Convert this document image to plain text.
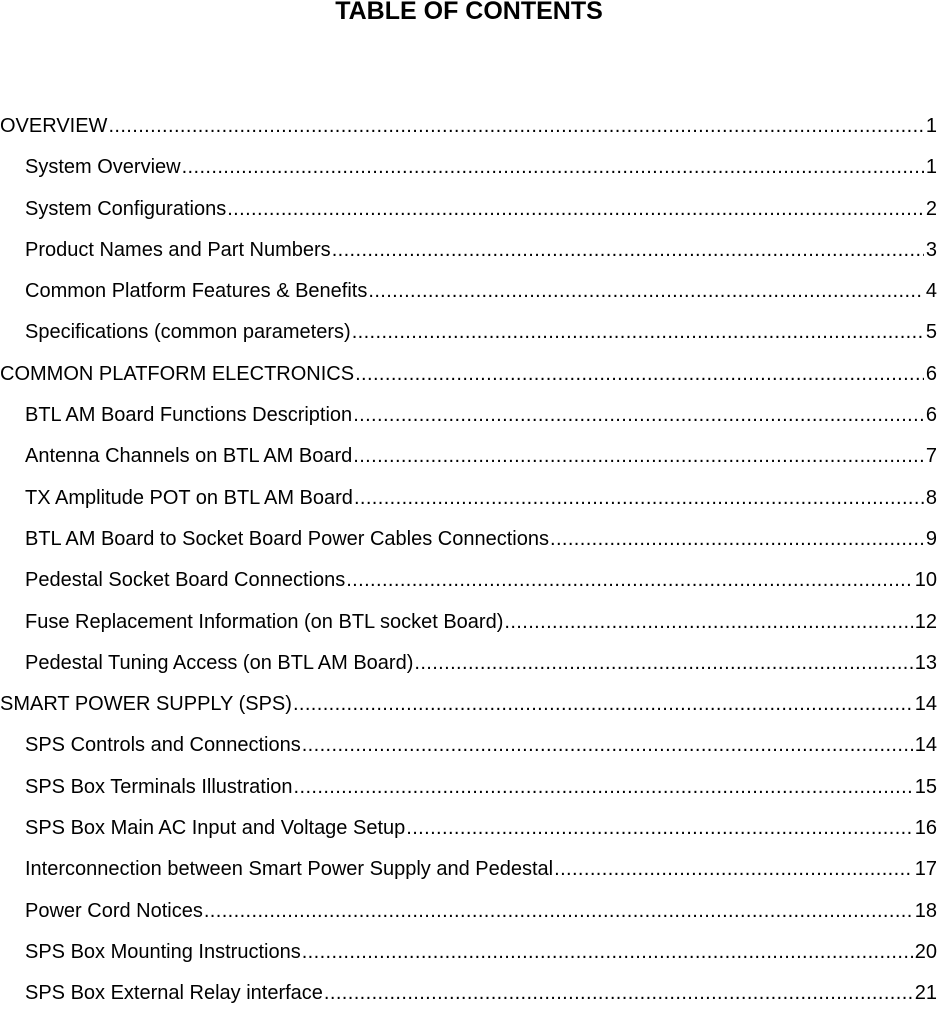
TABLE OF CONTENTS
OVERVIEW .....	1
System Overview .....	1
System Configurations .....	2
Product Names and Part Numbers .....	3
Common Platform Features & Benefits .....	4
Specifications (common parameters) .....	5
COMMON PLATFORM ELECTRONICS .....	6
BTL AM Board Functions Description .....	6
Antenna Channels on BTL AM Board .....	7
TX Amplitude POT on BTL AM Board .....	8
BTL AM Board to Socket Board Power Cables Connections .....	9
Pedestal Socket Board Connections .....	10
Fuse Replacement Information (on BTL socket Board) .....	12
Pedestal Tuning Access (on BTL AM Board) .....	13
SMART POWER SUPPLY (SPS) .....	14
SPS Controls and Connections .....	14
SPS Box Terminals Illustration .....	15
SPS Box Main AC Input and Voltage Setup .....	16
Interconnection between Smart Power Supply and Pedestal .....	17
Power Cord Notices .....	18
SPS Box Mounting Instructions .....	20
SPS Box External Relay interface .....	21
